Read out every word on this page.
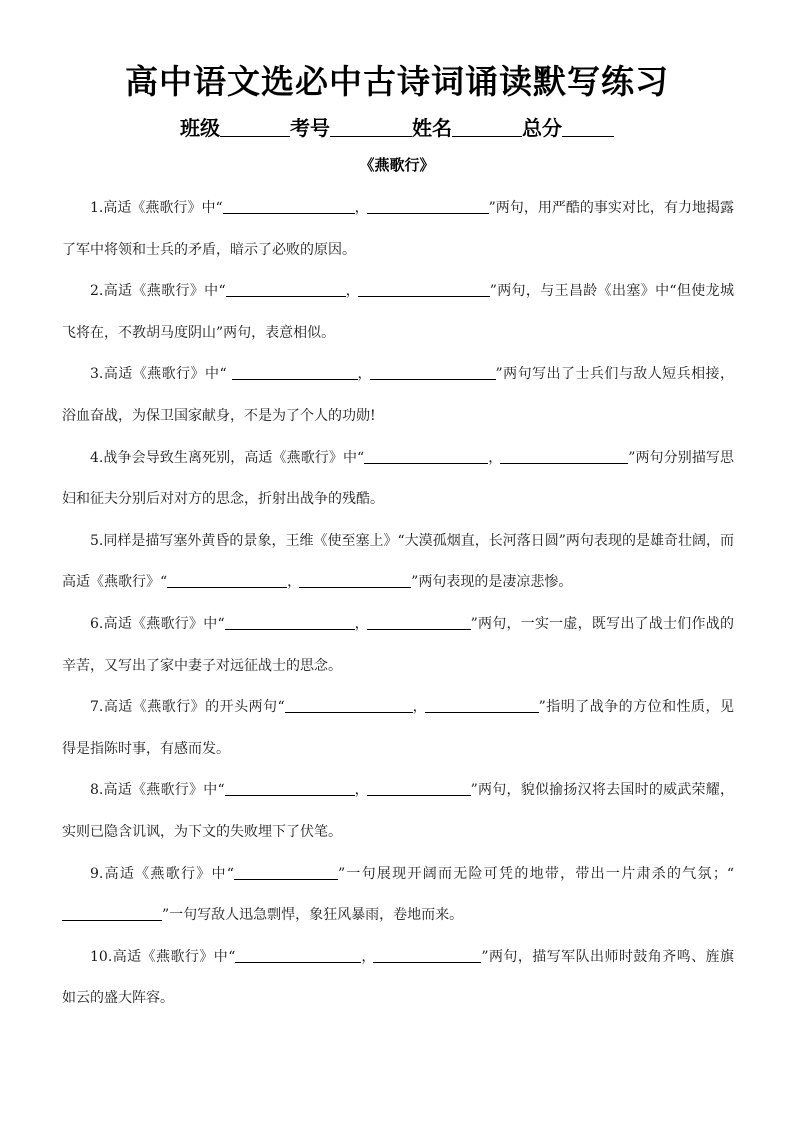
高中语文选必中古诗词诵读默写练习
班级	考号	姓名	总分
《燕歌行》

1.高适《燕歌行》中“	，	”两句，用严酷的事实对比，有力地揭露了军中将领和士兵的矛盾，暗示了必败的原因。

2.高适《燕歌行》中“	，	”两句，与王昌龄《出塞》中“但使龙城飞将在，不教胡马度阴山”两句，表意相似。

3.高适《燕歌行》中“	，	”两句写出了士兵们与敌人短兵相接，浴血奋战，为保卫国家献身，不是为了个人的功勋!

4.战争会导致生离死别，高适《燕歌行》中“	，	”两句分别描写思妇和征夫分别后对对方的思念，折射出战争的残酷。

5.同样是描写塞外黄昏的景象，王维《使至塞上》“大漠孤烟直，长河落日圆”两句表现的是雄奇壮阔，而高适《燕歌行》“	，	”两句表现的是凄凉悲惨。

6.高适《燕歌行》中“	，	”两句，一实一虚，既写出了战士们作战的辛苦，又写出了家中妻子对远征战士的思念。

7.高适《燕歌行》的开头两句“	，	”指明了战争的方位和性质，见得是指陈时事，有感而发。

8.高适《燕歌行》中“	，	”两句，貌似揄扬汉将去国时的威武荣耀，实则已隐含讥讽，为下文的失败埋下了伏笔。

9.高适《燕歌行》中“	”一句展现开阔而无险可凭的地带，带出一片肃杀的气氛；“”一句写敌人迅急剽悍，象狂风暴雨，卷地而来。

10.高适《燕歌行》中“	，	”两句，描写军队出师时鼓角齐鸣、旌旗如云的盛大阵容。
